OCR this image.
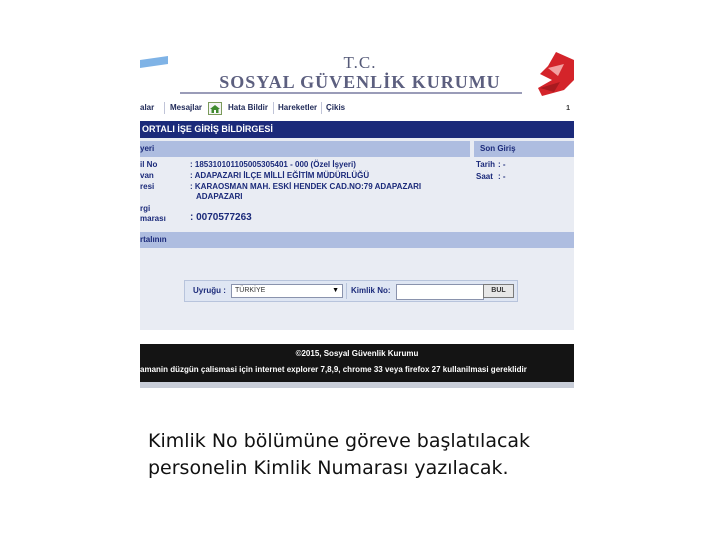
T.C.
SOSYAL GÜVENLİK KURUMU
alar Mesajlar	Hata Bildir Hareketler Çikis	1
ORTALI İŞE GİRİŞ BİLDİRGESİ
yeri	Son Giriş
il No	: 18531010110500530540​1 - 000 (Özel İşyeri)
van	: ADAPAZARI İLÇE MİLLİ EĞİTİM MÜDÜRLÜĞÜ
resi	: KARAOSMAN MAH. ESKİ HENDEK CAD.NO:79 ADAPAZARI
ADAPAZARI
rgi
marası : 0070577263
Tarih : -
Saat : -
rtalının
Uyruğu :	TÜRKİYE	▼ Kimlik No:	BUL
©2015, Sosyal Güvenlik Kurumu
amanin düzgün çalismasi için internet explorer 7,8,9, chrome 33 veya firefox 27 kullanilmasi gereklidir
Kimlik No bölümüne göreve başlatılacak
personelin Kimlik Numarası yazılacak.
